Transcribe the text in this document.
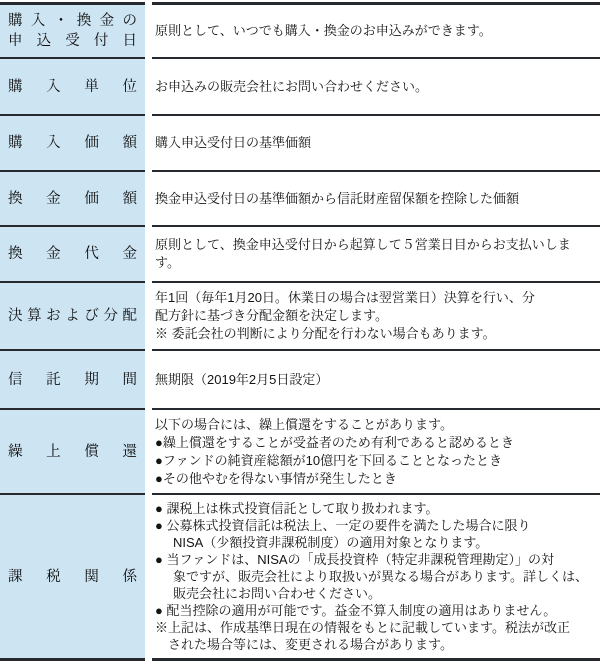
購入・換金の
申込受付日

原則として、いつでも購入・換金のお申込みができます。

購入単位 お申込みの販売会社にお問い合わせください。

購入価額 購入申込受付日の基準価額

換金価額 換金申込受付日の基準価額から信託財産留保額を控除した価額

換金代金

原則として、換金申込受付日から起算して５営業日目からお支払いします。

決算および分配

年1回（毎年1月20日。休業日の場合は翌営業日）決算を行い、分

配方針に基づき分配金額を決定します。

※ 委託会社の判断により分配を行わない場合もあります。

信託期間 無期限（2019年2月5日設定）

繰上償還

以下の場合には、繰上償還をすることがあります。

●繰上償還をすることが受益者のため有利であると認めるとき

●ファンドの純資産総額が10億円を下回ることとなったとき

●その他やむを得ない事情が発生したとき

課税関係

● 課税上は株式投資信託として取り扱われます。

● 公募株式投資信託は税法上、一定の要件を満たした場合に限り

NISA（少額投資非課税制度）の適用対象となります。

● 当ファンドは、NISAの「成長投資枠（特定非課税管理勘定）」の対

象ですが、販売会社により取扱いが異なる場合があります。詳しくは、

販売会社にお問い合わせください。

● 配当控除の適用が可能です。益金不算入制度の適用はありません。

※上記は、作成基準日現在の情報をもとに記載しています。税法が改正

された場合等には、変更される場合があります。
